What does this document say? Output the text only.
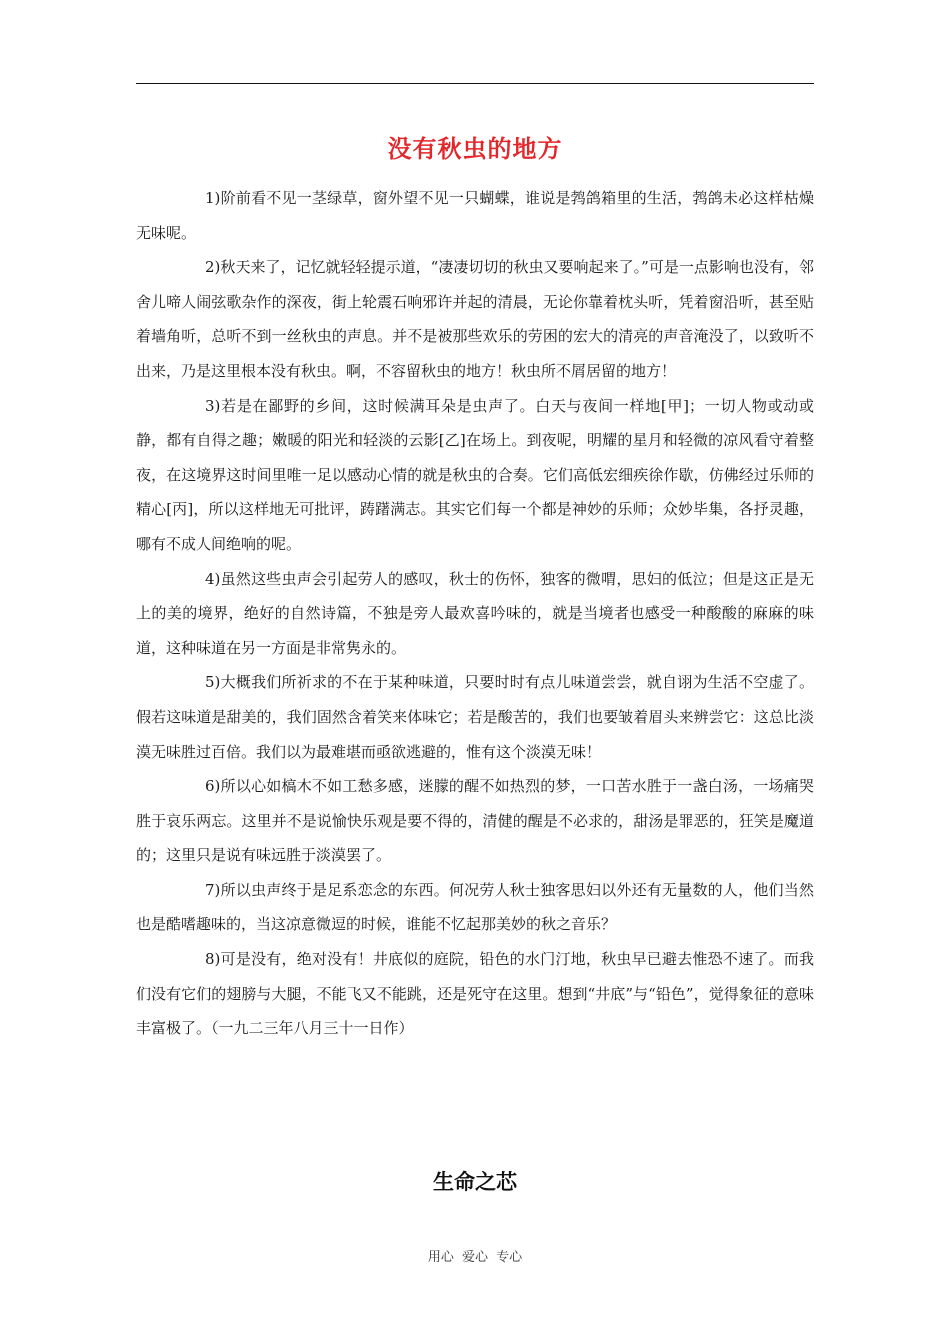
没有秋虫的地方

1)阶前看不见一茎绿草，窗外望不见一只蝴蝶，谁说是鹁鸽箱里的生活，鹁鸽未必这样枯燥无味呢。

2)秋天来了，记忆就轻轻提示道，“凄凄切切的秋虫又要响起来了。”可是一点影响也没有，邻舍儿啼人闹弦歌杂作的深夜，街上轮震石响邪许并起的清晨，无论你靠着枕头听，凭着窗沿听，甚至贴着墙角听，总听不到一丝秋虫的声息。并不是被那些欢乐的劳困的宏大的清亮的声音淹没了，以致听不出来，乃是这里根本没有秋虫。啊，不容留秋虫的地方！秋虫所不屑居留的地方！

3)若是在鄙野的乡间，这时候满耳朵是虫声了。白天与夜间一样地[甲]；一切人物或动或静，都有自得之趣；嫩暖的阳光和轻淡的云影[乙]在场上。到夜呢，明耀的星月和轻微的凉风看守着整夜，在这境界这时间里唯一足以感动心情的就是秋虫的合奏。它们高低宏细疾徐作歇，仿佛经过乐师的精心[丙]，所以这样地无可批评，踌躇满志。其实它们每一个都是神妙的乐师；众妙毕集，各抒灵趣，哪有不成人间绝响的呢。

4)虽然这些虫声会引起劳人的感叹，秋士的伤怀，独客的微喟，思妇的低泣；但是这正是无上的美的境界，绝好的自然诗篇，不独是旁人最欢喜吟味的，就是当境者也感受一种酸酸的麻麻的味道，这种味道在另一方面是非常隽永的。

5)大概我们所祈求的不在于某种味道，只要时时有点儿味道尝尝，就自诩为生活不空虚了。假若这味道是甜美的，我们固然含着笑来体味它；若是酸苦的，我们也要皱着眉头来辨尝它：这总比淡漠无味胜过百倍。我们以为最难堪而亟欲逃避的，惟有这个淡漠无味！

6)所以心如槁木不如工愁多感，迷朦的醒不如热烈的梦，一口苦水胜于一盏白汤，一场痛哭胜于哀乐两忘。这里并不是说愉快乐观是要不得的，清健的醒是不必求的，甜汤是罪恶的，狂笑是魔道的；这里只是说有味远胜于淡漠罢了。

7)所以虫声终于是足系恋念的东西。何况劳人秋士独客思妇以外还有无量数的人，他们当然也是酷嗜趣味的，当这凉意微逗的时候，谁能不忆起那美妙的秋之音乐？

8)可是没有，绝对没有！井底似的庭院，铅色的水门汀地，秋虫早已避去惟恐不速了。而我们没有它们的翅膀与大腿，不能飞又不能跳，还是死守在这里。想到“井底”与“铅色”，觉得象征的意味丰富极了。（一九二三年八月三十一日作）

生命之芯
用心 爱心 专心
